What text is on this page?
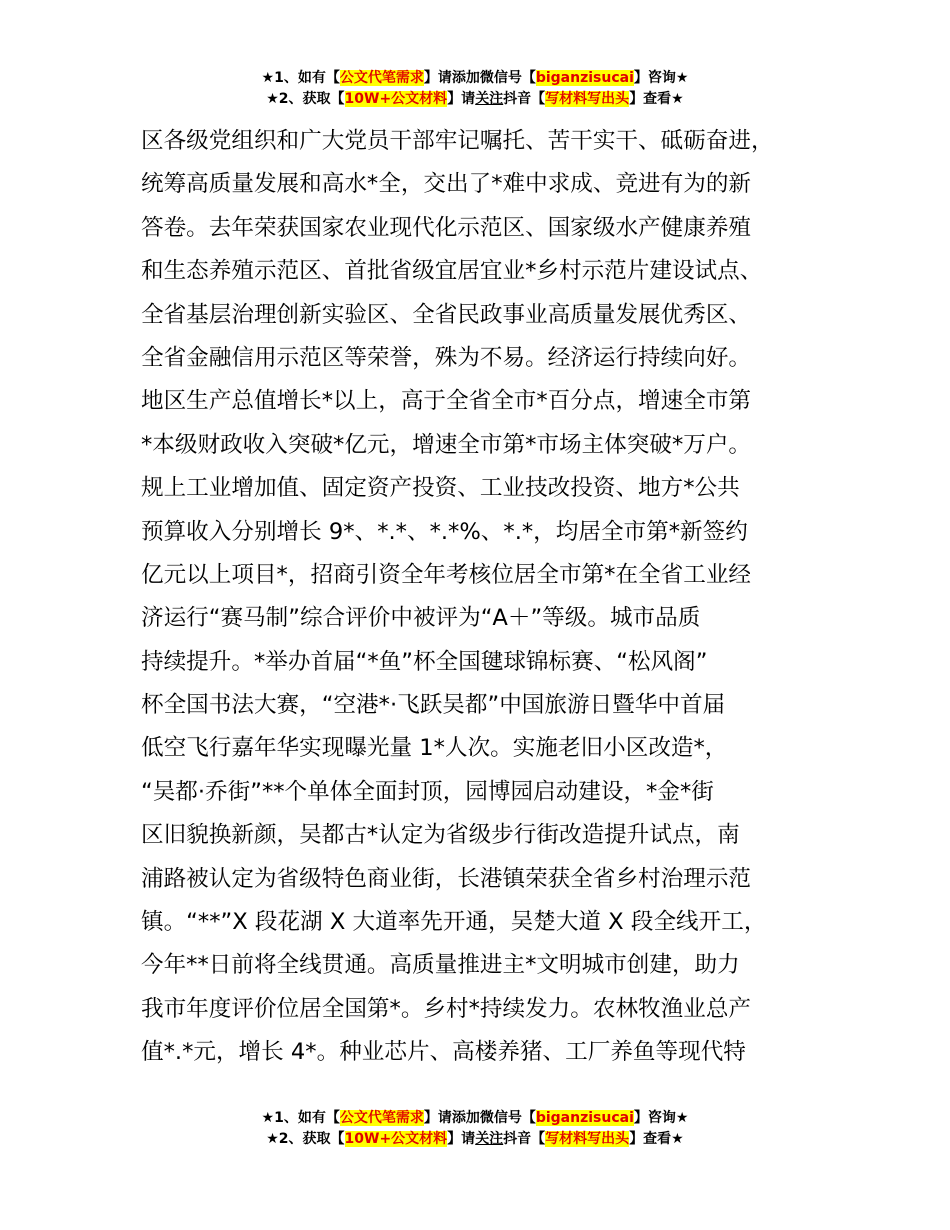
★1、如有【公文代笔需求】请添加微信号【biganzisucai】咨询★
★2、获取【10W+公文材料】请关注抖音【写材料写出头】查看★
区各级党组织和广大党员干部牢记嘱托、苦干实干、砥砺奋进，
统筹高质量发展和高水*全，交出了*难中求成、竞进有为的新
答卷。去年荣获国家农业现代化示范区、国家级水产健康养殖
和生态养殖示范区、首批省级宜居宜业*乡村示范片建设试点、
全省基层治理创新实验区、全省民政事业高质量发展优秀区、
全省金融信用示范区等荣誉，殊为不易。经济运行持续向好。
地区生产总值增长*以上，高于全省全市*百分点，增速全市第
*本级财政收入突破*亿元，增速全市第*市场主体突破*万户。
规上工业增加值、固定资产投资、工业技改投资、地方*公共
预算收入分别增长 9*、*.*、*.*%、*.*，均居全市第*新签约
亿元以上项目*，招商引资全年考核位居全市第*在全省工业经
济运行“赛马制”综合评价中被评为“A＋”等级。城市品质
持续提升。*举办首届“*鱼”杯全国毽球锦标赛、“松风阁”
杯全国书法大赛，“空港*·飞跃吴都”中国旅游日暨华中首届
低空飞行嘉年华实现曝光量 1*人次。实施老旧小区改造*，
“吴都·乔街”**个单体全面封顶，园博园启动建设，*金*街
区旧貌换新颜，吴都古*认定为省级步行街改造提升试点，南
浦路被认定为省级特色商业街，长港镇荣获全省乡村治理示范
镇。“**”X 段花湖 X 大道率先开通，吴楚大道 X 段全线开工，
今年**日前将全线贯通。高质量推进主*文明城市创建，助力
我市年度评价位居全国第*。乡村*持续发力。农林牧渔业总产
值*.*元，增长 4*。种业芯片、高楼养猪、工厂养鱼等现代特
★1、如有【公文代笔需求】请添加微信号【biganzisucai】咨询★
★2、获取【10W+公文材料】请关注抖音【写材料写出头】查看★
